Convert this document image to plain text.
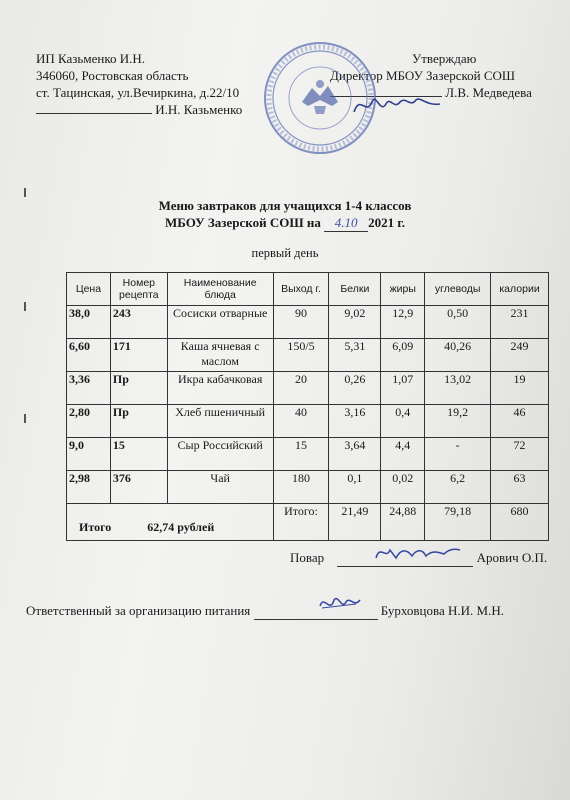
ИП Казьменко И.Н.
346060, Ростовская область
ст. Тацинская, ул.Вечиркина, д.22/10
И.Н. Казьменко
Утверждаю
Директор МБОУ Зазерской СОШ
Л.В. Медведева
Меню завтраков для учащихся 1-4 классов
МБОУ Зазерской СОШ на 4.10 2021 г.
первый день
Цена	Номер рецепта	Наименование блюда	Выход г.	Белки	жиры	углеводы	калории
38,0	243	Сосиски отварные	90	9,02	12,9	0,50	231
6,60	171	Каша ячневая с маслом	150/5	5,31	6,09	40,26	249
3,36	Пр	Икра кабачковая	20	0,26	1,07	13,02	19
2,80	Пр	Хлеб пшеничный	40	3,16	0,4	19,2	46
9,0	15	Сыр Российский	15	3,64	4,4	-	72
2,98	376	Чай	180	0,1	0,02	6,2	63

Итого 62,74 рублей			Итого:	21,49	24,88	79,18	680
Повар	Арович О.П.
Ответственный за организацию питания	Бурховцова Н.И. М.Н.
